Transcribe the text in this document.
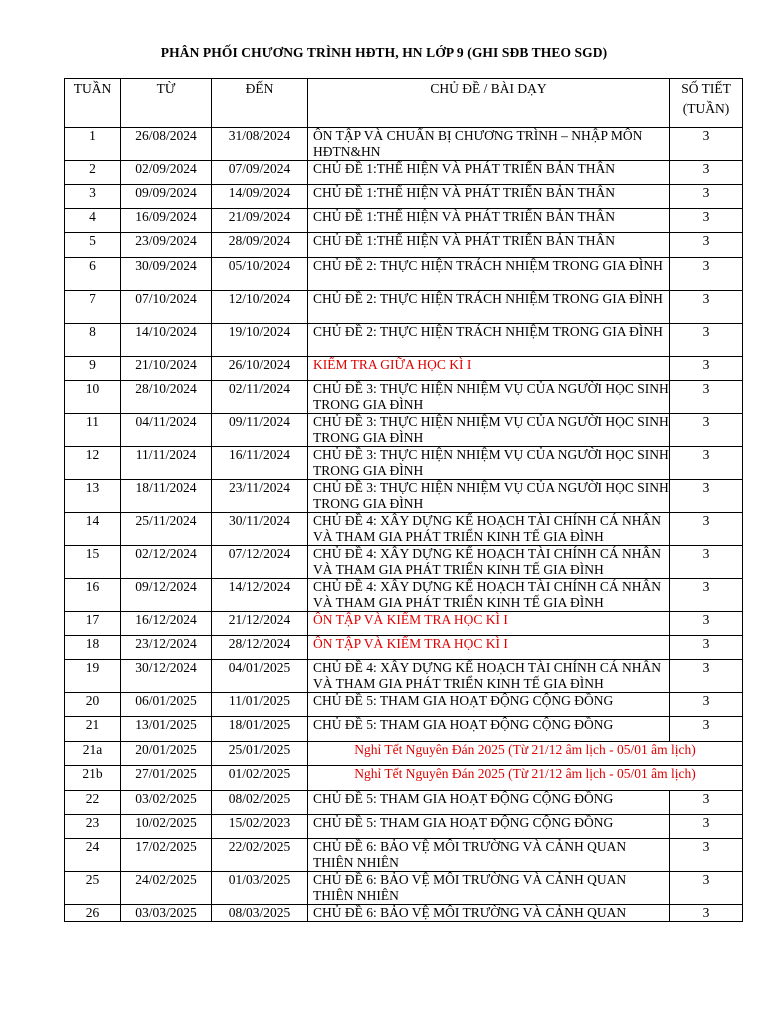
PHÂN PHỐI CHƯƠNG TRÌNH HĐTH, HN LỚP 9 (GHI SĐB THEO SGD)
TUẦN	TỪ	ĐẾN	CHỦ ĐỀ / BÀI DẠY	SỐ TIẾT
(TUẦN)

1	26/08/2024	31/08/2024	ÔN TẬP VÀ CHUẨN BỊ CHƯƠNG TRÌNH – NHẬP MÔN HĐTN&HN	3
2	02/09/2024	07/09/2024	CHỦ ĐỀ 1:THỂ HIỆN VÀ PHÁT TRIỂN BẢN THÂN	3
3	09/09/2024	14/09/2024	CHỦ ĐỀ 1:THỂ HIỆN VÀ PHÁT TRIỂN BẢN THÂN	3
4	16/09/2024	21/09/2024	CHỦ ĐỀ 1:THỂ HIỆN VÀ PHÁT TRIỂN BẢN THÂN	3
5	23/09/2024	28/09/2024	CHỦ ĐỀ 1:THỂ HIỆN VÀ PHÁT TRIỂN BẢN THÂN	3
6	30/09/2024	05/10/2024	CHỦ ĐỀ 2: THỰC HIỆN TRÁCH NHIỆM TRONG GIA ĐÌNH	3
7	07/10/2024	12/10/2024	CHỦ ĐỀ 2: THỰC HIỆN TRÁCH NHIỆM TRONG GIA ĐÌNH	3
8	14/10/2024	19/10/2024	CHỦ ĐỀ 2: THỰC HIỆN TRÁCH NHIỆM TRONG GIA ĐÌNH	3
9	21/10/2024	26/10/2024	KIỂM TRA GIỮA HỌC KÌ I	3
10	28/10/2024	02/11/2024	CHỦ ĐỀ 3: THỰC HIỆN NHIỆM VỤ CỦA NGƯỜI HỌC SINH TRONG GIA ĐÌNH	3
11	04/11/2024	09/11/2024	CHỦ ĐỀ 3: THỰC HIỆN NHIỆM VỤ CỦA NGƯỜI HỌC SINH TRONG GIA ĐÌNH	3
12	11/11/2024	16/11/2024	CHỦ ĐỀ 3: THỰC HIỆN NHIỆM VỤ CỦA NGƯỜI HỌC SINH TRONG GIA ĐÌNH	3
13	18/11/2024	23/11/2024	CHỦ ĐỀ 3: THỰC HIỆN NHIỆM VỤ CỦA NGƯỜI HỌC SINH TRONG GIA ĐÌNH	3
14	25/11/2024	30/11/2024	CHỦ ĐỀ 4: XÂY DỰNG KẾ HOẠCH TÀI CHÍNH CÁ NHÂN VÀ THAM GIA PHÁT TRIỂN KINH TẾ GIA ĐÌNH	3
15	02/12/2024	07/12/2024	CHỦ ĐỀ 4: XÂY DỰNG KẾ HOẠCH TÀI CHÍNH CÁ NHÂN VÀ THAM GIA PHÁT TRIỂN KINH TẾ GIA ĐÌNH	3
16	09/12/2024	14/12/2024	CHỦ ĐỀ 4: XÂY DỰNG KẾ HOẠCH TÀI CHÍNH CÁ NHÂN VÀ THAM GIA PHÁT TRIỂN KINH TẾ GIA ĐÌNH	3
17	16/12/2024	21/12/2024	ÔN TẬP VÀ KIỂM TRA HỌC KÌ I	3
18	23/12/2024	28/12/2024	ÔN TẬP VÀ KIỂM TRA HỌC KÌ I	3
19	30/12/2024	04/01/2025	CHỦ ĐỀ 4: XÂY DỰNG KẾ HOẠCH TÀI CHÍNH CÁ NHÂN VÀ THAM GIA PHÁT TRIỂN KINH TẾ GIA ĐÌNH	3
20	06/01/2025	11/01/2025	CHỦ ĐỀ 5: THAM GIA HOẠT ĐỘNG CỘNG ĐỒNG	3
21	13/01/2025	18/01/2025	CHỦ ĐỀ 5: THAM GIA HOẠT ĐỘNG CỘNG ĐỒNG	3
21a	20/01/2025	25/01/2025	Nghỉ Tết Nguyên Đán 2025 (Từ 21/12 âm lịch - 05/01 âm lịch)	
21b	27/01/2025	01/02/2025	Nghỉ Tết Nguyên Đán 2025 (Từ 21/12 âm lịch - 05/01 âm lịch)	
22	03/02/2025	08/02/2025	CHỦ ĐỀ 5: THAM GIA HOẠT ĐỘNG CỘNG ĐỒNG	3
23	10/02/2025	15/02/2023	CHỦ ĐỀ 5: THAM GIA HOẠT ĐỘNG CỘNG ĐỒNG	3
24	17/02/2025	22/02/2025	CHỦ ĐỀ 6: BẢO VỆ MÔI TRƯỜNG VÀ CẢNH QUAN THIÊN NHIÊN	3
25	24/02/2025	01/03/2025	CHỦ ĐỀ 6: BẢO VỆ MÔI TRƯỜNG VÀ CẢNH QUAN THIÊN NHIÊN	3
26	03/03/2025	08/03/2025	CHỦ ĐỀ 6: BẢO VỆ MÔI TRƯỜNG VÀ CẢNH QUAN	3
